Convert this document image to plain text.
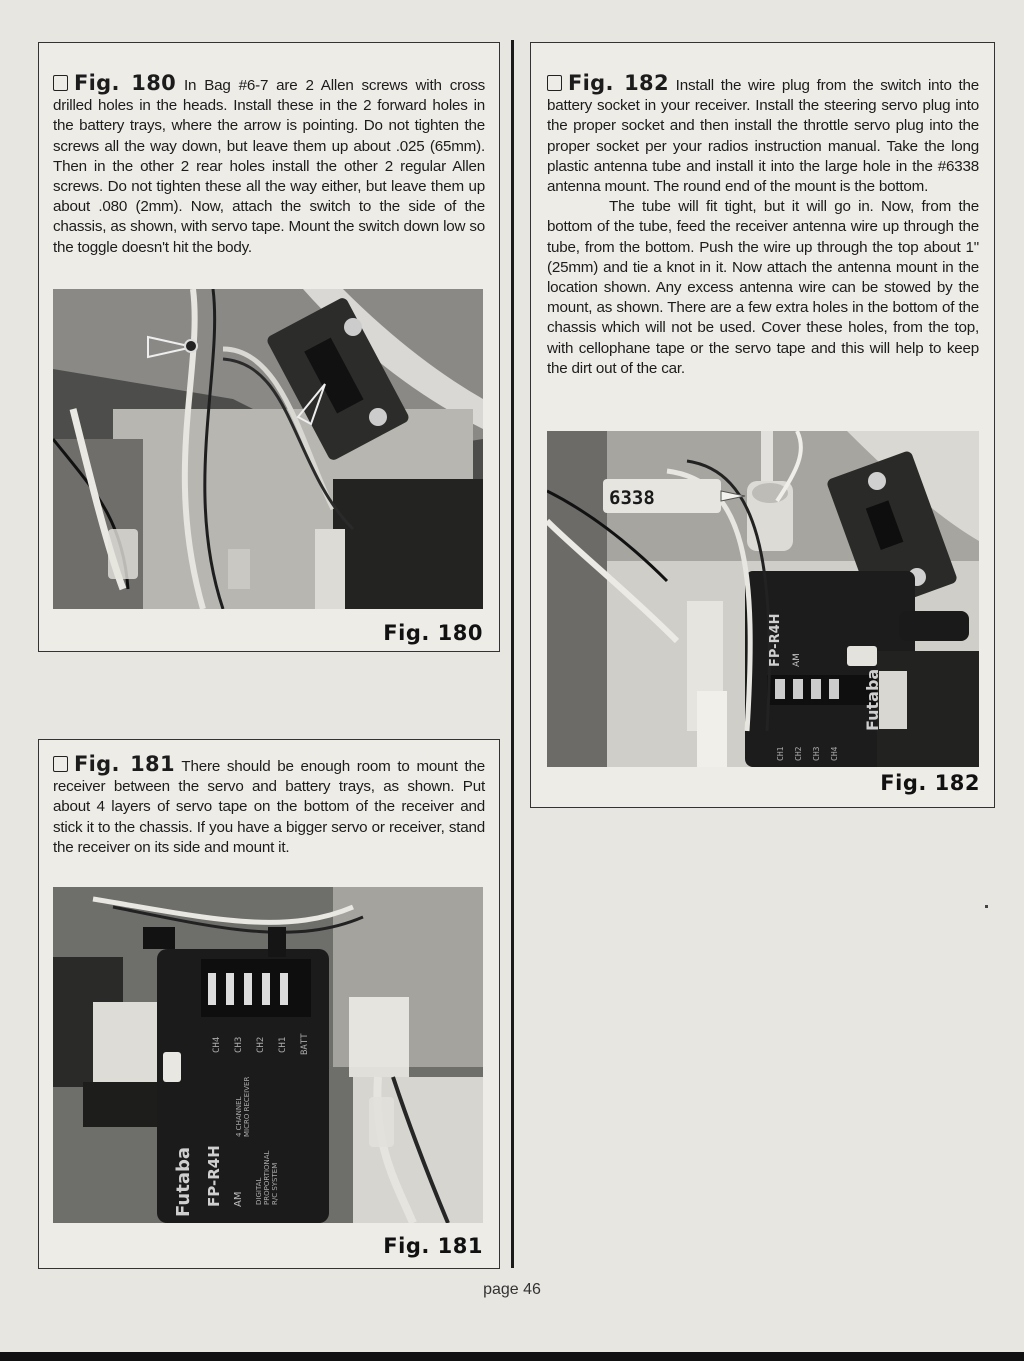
Fig. 180 In Bag #6-7 are 2 Allen screws with cross drilled holes in the heads. Install these in the 2 forward holes in the battery trays, where the arrow is pointing. Do not tighten the screws all the way down, but leave them up about .025 (65mm). Then in the other 2 rear holes install the other 2 regular Allen screws. Do not tighten these all the way either, but leave them up about .080 (2mm). Now, attach the switch to the side of the chassis, as shown, with servo tape. Mount the switch down low so the toggle doesn't hit the body.

Fig. 180

Fig. 181 There should be enough room to mount the receiver between the servo and battery trays, as shown. Put about 4 layers of servo tape on the bottom of the receiver and stick it to the chassis. If you have a bigger servo or receiver, stand the receiver on its side and mount it.

Futaba FP-R4H AM
4 CHANNEL MICRO RECEIVER
DIGITAL PROPORTIONAL R/C SYSTEM
CH4 CH3 CH2 CH1 BATT
Fig. 181

Fig. 182 Install the wire plug from the switch into the battery socket in your receiver. Install the steering servo plug into the proper socket and then install the throttle servo plug into the proper socket per your radios instruction manual. Take the long plastic antenna tube and install it into the large hole in the #6338 antenna mount. The round end of the mount is the bottom.

The tube will fit tight, but it will go in. Now, from the bottom of the tube, feed the receiver antenna wire up through the tube, from the bottom. Push the wire up through the top about 1" (25mm) and tie a knot in it. Now attach the antenna mount in the location shown. Any excess antenna wire can be stowed by the mount, as shown. There are a few extra holes in the bottom of the chassis which will not be used. Cover these holes, from the top, with cellophane tape or the servo tape and this will help to keep the dirt out of the car.

6338
Futaba
FP-R4H AM
CH1 CH2 CH3 CH4
Fig. 182
page 46
